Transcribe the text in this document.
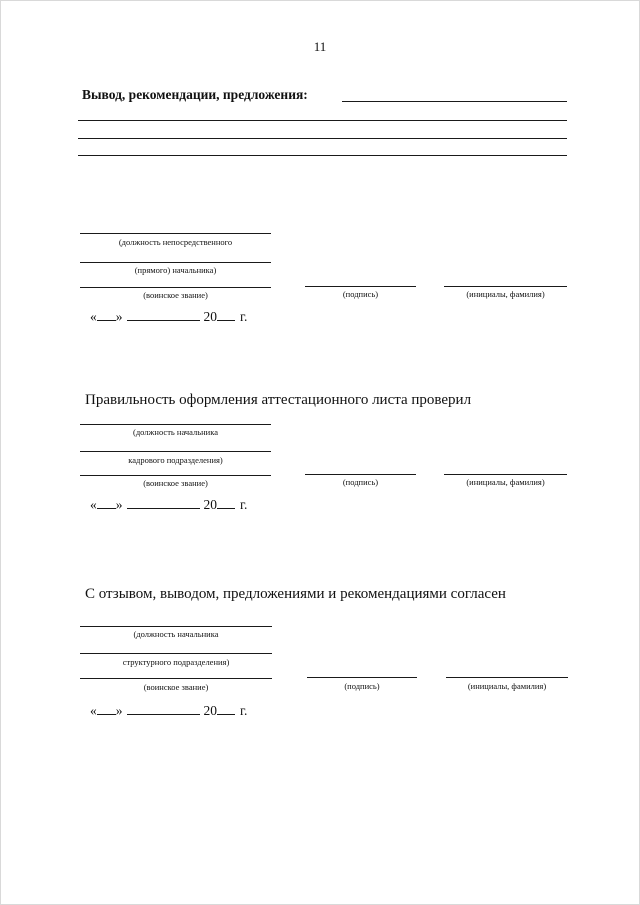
11
Вывод, рекомендации, предложения:
(должность непосредственного
(прямого) начальника)
(воинское звание)	(подпись)	(инициалы, фамилия)
« »	20 г.
Правильность оформления аттестационного листа проверил
(должность начальника
кадрового подразделения)
(воинское звание)	(подпись)	(инициалы, фамилия)
« »	20 г.
С отзывом, выводом, предложениями и рекомендациями согласен
(должность начальника
структурного подразделения)
(воинское звание)	(подпись)	(инициалы, фамилия)
« »	20 г.
